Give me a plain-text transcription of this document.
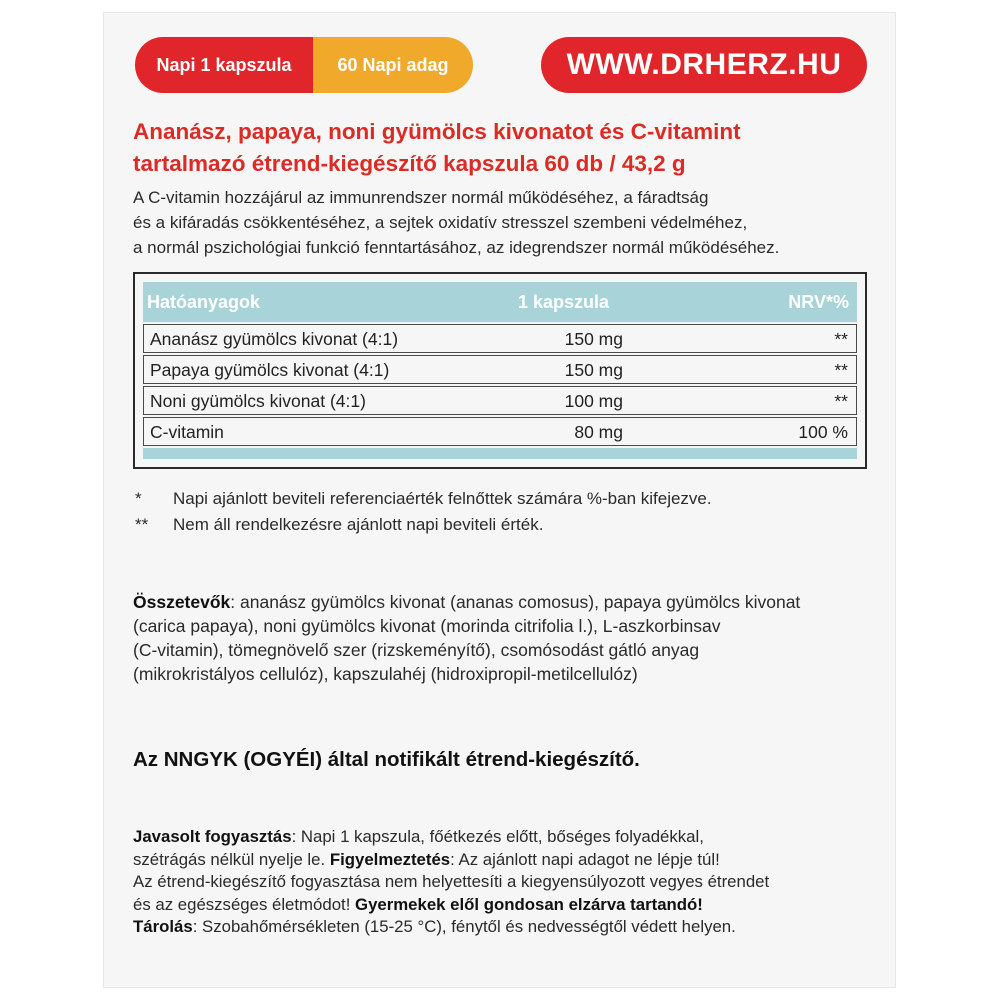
Napi 1 kapszula	60 Napi adag	WWW.DRHERZ.HU
Ananász, papaya, noni gyümölcs kivonatot és C-vitamint
tartalmazó étrend-kiegészítő kapszula 60 db / 43,2 g
A C-vitamin hozzájárul az immunrendszer normál működéséhez, a fáradtság
és a kifáradás csökkentéséhez, a sejtek oxidatív stresszel szembeni védelméhez,
a normál pszichológiai funkció fenntartásához, az idegrendszer normál működéséhez.
Hatóanyagok	1 kapszula	NRV*%
Ananász gyümölcs kivonat (4:1)	150 mg	**
Papaya gyümölcs kivonat (4:1)	150 mg	**
Noni gyümölcs kivonat (4:1)	100 mg	**
C-vitamin	80 mg	100 %
* Napi ajánlott beviteli referenciaérték felnőttek számára %-ban kifejezve.
** Nem áll rendelkezésre ajánlott napi beviteli érték.
Összetevők: ananász gyümölcs kivonat (ananas comosus), papaya gyümölcs kivonat
(carica papaya), noni gyümölcs kivonat (morinda citrifolia l.), L-aszkorbinsav
(C-vitamin), tömegnövelő szer (rizskeményítő), csomósodást gátló anyag
(mikrokristályos cellulóz), kapszulahéj (hidroxipropil-metilcellulóz)
Az NNGYK (OGYÉI) által notifikált étrend-kiegészítő.
Javasolt fogyasztás: Napi 1 kapszula, főétkezés előtt, bőséges folyadékkal,
szétrágás nélkül nyelje le. Figyelmeztetés: Az ajánlott napi adagot ne lépje túl!
Az étrend-kiegészítő fogyasztása nem helyettesíti a kiegyensúlyozott vegyes étrendet
és az egészséges életmódot! Gyermekek elől gondosan elzárva tartandó!
Tárolás: Szobahőmérsékleten (15-25 °C), fénytől és nedvességtől védett helyen.
